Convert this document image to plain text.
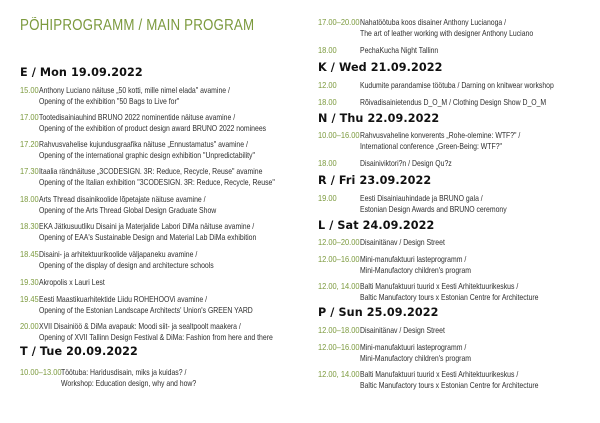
PÕHIPROGRAMM / MAIN PROGRAM
E / Mon 19.09.2022
15.00 Anthony Luciano näituse „50 kotti, mille nimel elada" avamine /
Opening of the exhibition "50 Bags to Live for"
17.00 Tootedisainiauhind BRUNO 2022 nominentide näituse avamine /
Opening of the exhibition of product design award BRUNO 2022 nominees
17.20 Rahvusvahelise kujundusgraafika näituse „Ennustamatus" avamine /
Opening of the international graphic design exhibition "Unpredictability"
17.30 Itaalia rändnäituse „3CODESIGN. 3R: Reduce, Recycle, Reuse" avamine
Opening of the Italian exhibition "3CODESIGN. 3R: Reduce, Recycle, Reuse"
18.00 Arts Thread disainikoolide lõpetajate näituse avamine /
Opening of the Arts Thread Global Design Graduate Show
18.30 EKA Jätkusuutliku Disaini ja Materjalide Labori DiMa näituse avamine /
Opening of EAA's Sustainable Design and Material Lab DiMa exhibition
18.45 Disaini- ja arhitektuurikoolide väljapaneku avamine /
Opening of the display of design and architecture schools
19.30 Akropolis x Lauri Lest
19.45 Eesti Maastikuarhitektide Liidu ROHEHOOVi avamine /
Opening of the Estonian Landscape Architects' Union's GREEN YARD
20.00 XVII Disainiöö & DiMa avapauk: Moodi siit- ja sealtpoolt maakera /
Opening of XVII Tallinn Design Festival & DiMa: Fashion from here and there
T / Tue 20.09.2022
10.00–13.00 Töötuba: Haridusdisain, miks ja kuidas? /
Workshop: Education design, why and how?
17.00–20.00 Nahatöötuba koos disainer Anthony Lucianoga /
The art of leather working with designer Anthony Luciano
18.00	PechaKucha Night Tallinn
K / Wed 21.09.2022
12.00	Kudumite parandamise töötuba / Darning on knitwear workshop
18.00	Rõivadisainietendus D_O_M / Clothing Design Show D_O_M
N / Thu 22.09.2022
10.00–16.00 Rahvusvaheline konverents „Rohe-olemine: WTF?" /
International conference „Green-Being: WTF?"
18.00	Disainiviktori?n / Design Qu?z
R / Fri 23.09.2022
19.00	Eesti Disainiauhindade ja BRUNO gala /
Estonian Design Awards and BRUNO ceremony
L / Sat 24.09.2022
12.00–20.00 Disainitänav / Design Street
12.00–16.00 Mini-manufaktuuri lasteprogramm /
Mini-Manufactory children's program
12.00, 14.00 Balti Manufaktuuri tuurid x Eesti Arhitektuurikeskus /
Baltic Manufactory tours x Estonian Centre for Architecture
P / Sun 25.09.2022
12.00–18.00 Disainitänav / Design Street
12.00–16.00 Mini-manufaktuuri lasteprogramm /
Mini-Manufactory children's program
12.00, 14.00 Balti Manufaktuuri tuurid x Eesti Arhitektuurikeskus /
Baltic Manufactory tours x Estonian Centre for Architecture
